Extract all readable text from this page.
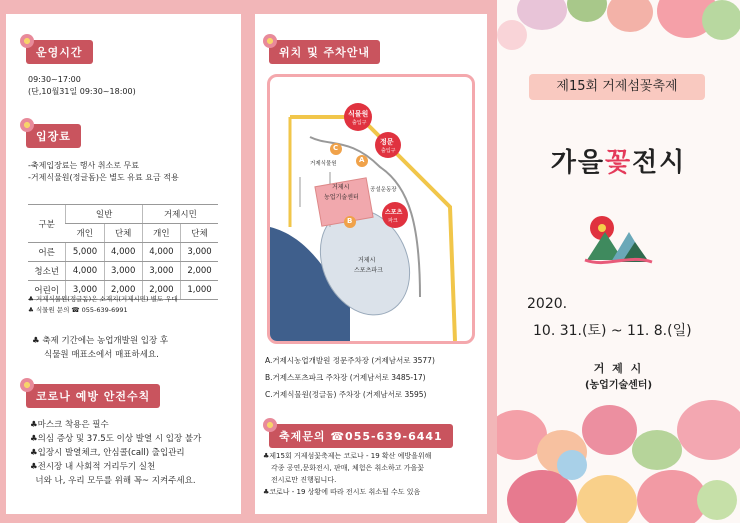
운영시간
09:30~17:00
(단,10월31일 09:30~18:00)
입장료
-축제입장료는 행사 취소로 무료
-거제식물원(정글돔)은 별도 유료 요금 적용
구분	일반		거제시민	
	개인	단체	개인	단체
어른	5,000	4,000	4,000	3,000
청소년	4,000	3,000	3,000	2,000
어린이	3,000	2,000	2,000	1,000
♣ 거제식물원(정글돔)은 소재지(거제시민) 별도 우대
♣ 식물원 문의 ☎ 055-639-6991
♣ 축제 기간에는 농업개발원 입장 후
식물원 매표소에서 매표하세요.
코로나 예방 안전수칙
♣마스크 착용은 필수
♣의심 증상 및 37.5도 이상 발열 시 입장 불가
♣입장시 발열체크, 안심콜(call) 출입관리
♣전시장 내 사회적 거리두기 실천
너와 나, 우리 모두를 위해 꼭~ 지켜주세요.
위치 및 주차안내
식물원
출입구
정문
출입구
스포츠
파크
거제시
농업기술센터
거제시
스포츠파크
거제식물원
공설운동장
C
A
B
A.거제시농업개발원 정문주차장 (거제남서로 3577)
B.거제스포츠파크 주차장 (거제남서로 3485-17)
C.거제식물원(정글돔) 주차장 (거제남서로 3595)
축제문의 ☎055-639-6441
♣제15회 거제섬꽃축제는 코로나 - 19 확산 예방을위해
각종 공연,문화전시, 판매, 체험은 취소하고 가을꽃
전시로만 진행됩니다.
♣코로나 - 19 상황에 따라 전시도 취소될 수도 있음
제15회 거제섬꽃축제
가을꽃전시
2020.
10. 31.(토) ~ 11. 8.(일)
거 제 시
(농업기술센터)
